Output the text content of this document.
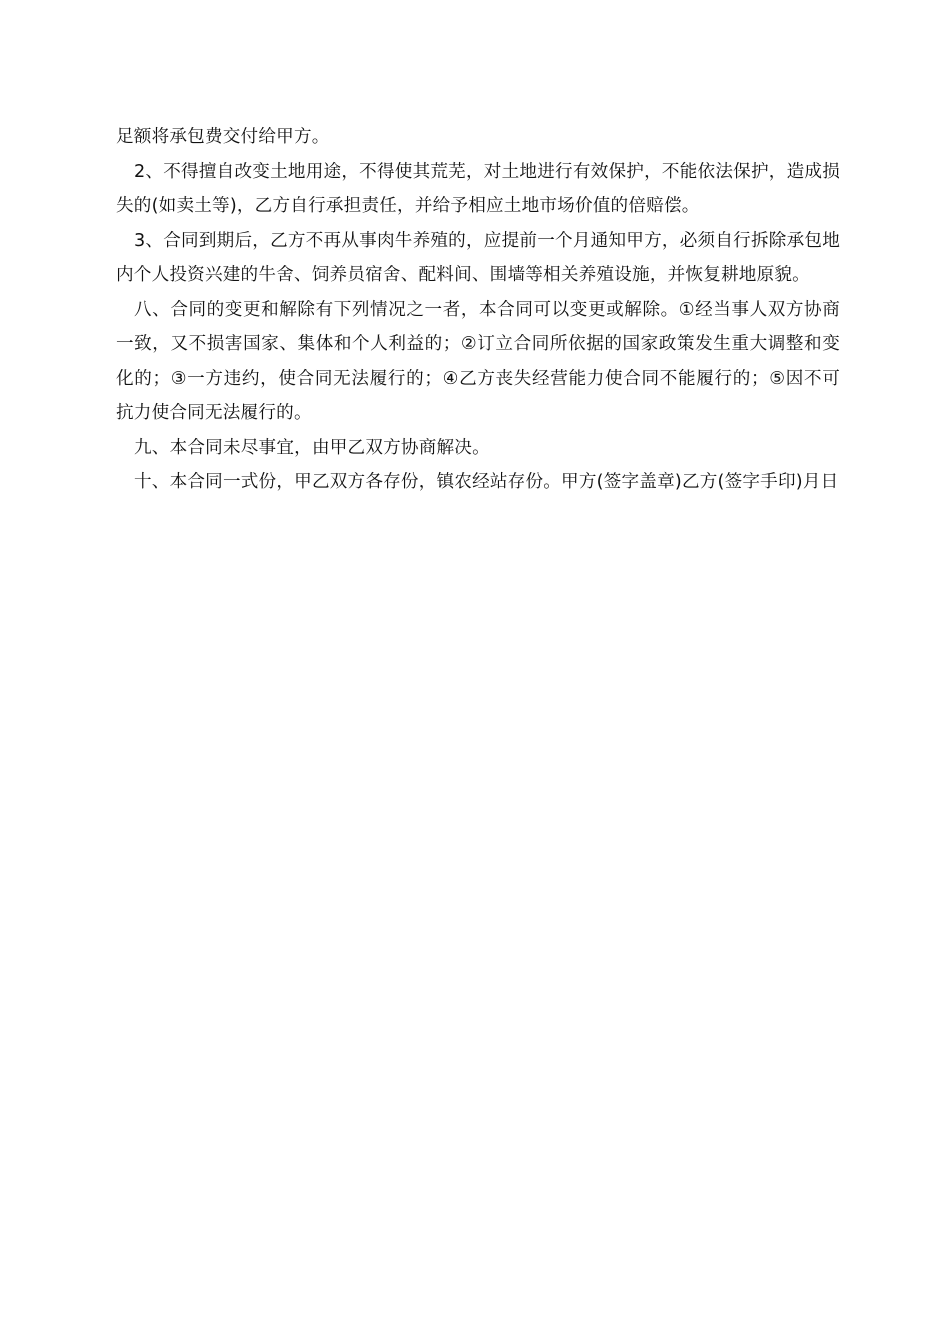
足额将承包费交付给甲方。

2、不得擅自改变土地用途，不得使其荒芜，对土地进行有效保护，不能依法保护，造成损失的(如卖土等)，乙方自行承担责任，并给予相应土地市场价值的倍赔偿。

3、合同到期后，乙方不再从事肉牛养殖的，应提前一个月通知甲方，必须自行拆除承包地内个人投资兴建的牛舍、饲养员宿舍、配料间、围墙等相关养殖设施，并恢复耕地原貌。

八、合同的变更和解除有下列情况之一者，本合同可以变更或解除。①经当事人双方协商一致，又不损害国家、集体和个人利益的；②订立合同所依据的国家政策发生重大调整和变化的；③一方违约，使合同无法履行的；④乙方丧失经营能力使合同不能履行的；⑤因不可抗力使合同无法履行的。

九、本合同未尽事宜，由甲乙双方协商解决。

十、本合同一式份，甲乙双方各存份，镇农经站存份。甲方(签字盖章)乙方(签字手印)月日
